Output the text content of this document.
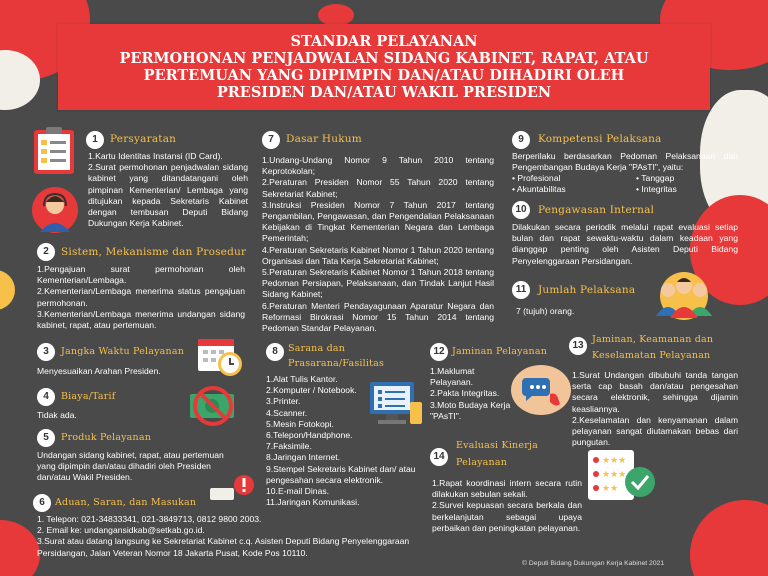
STANDAR PELAYANAN
PERMOHONAN PENJADWALAN SIDANG KABINET, RAPAT, ATAU
PERTEMUAN YANG DIPIMPIN DAN/ATAU DIHADIRI OLEH
PRESIDEN DAN/ATAU WAKIL PRESIDEN
1	Persyaratan
1.Kartu Identitas Instansi (ID Card).
2.Surat permohonan penjadwalan sidang kabinet yang ditandatangani oleh pimpinan Kementerian/ Lembaga yang ditujukan kepada Sekretaris Kabinet dengan tembusan Deputi Bidang Dukungan Kerja Kabinet.
2	Sistem, Mekanisme dan Prosedur
1.Pengajuan surat permohonan oleh Kementerian/Lembaga.
2.Kementerian/Lembaga menerima status pengajuan permohonan.
3.Kementerian/Lembaga menerima undangan sidang kabinet, rapat, atau pertemuan.
3	Jangka Waktu Pelayanan
Menyesuaikan Arahan Presiden.
4	Biaya/Tarif
Tidak ada.
5	Produk Pelayanan
Undangan sidang kabinet, rapat, atau pertemuan yang dipimpin dan/atau dihadiri oleh Presiden dan/atau Wakil Presiden.
6	Aduan, Saran, dan Masukan
1. Telepon: 021-34833341, 021-3849713, 0812 9800 2003.
2. Email ke: undangansidkab@setkab.go.id.
3.Surat atau datang langsung ke Sekretariat Kabinet c.q. Asisten Deputi Bidang Penyelenggaraan Persidangan, Jalan Veteran Nomor 18 Jakarta Pusat, Kode Pos 10110.
7	Dasar Hukum
1.Undang-Undang Nomor 9 Tahun 2010 tentang Keprotokolan;
2.Peraturan Presiden Nomor 55 Tahun 2020 tentang Sekretariat Kabinet;
3.Instruksi Presiden Nomor 7 Tahun 2017 tentang Pengambilan, Pengawasan, dan Pengendalian Pelaksanaan Kebijakan di Tingkat Kementerian Negara dan Lembaga Pemerintah;
4.Peraturan Sekretaris Kabinet Nomor 1 Tahun 2020 tentang Organisasi dan Tata Kerja Sekretariat Kabinet;
5.Peraturan Sekretaris Kabinet Nomor 1 Tahun 2018 tentang Pedoman Persiapan, Pelaksanaan, dan Tindak Lanjut Hasil Sidang Kabinet;
6.Peraturan Menteri Pendayagunaan Aparatur Negara dan Reformasi Birokrasi Nomor 15 Tahun 2014 tentang Pedoman Standar Pelayanan.
8	Sarana dan
Prasarana/Fasilitas
1.Alat Tulis Kantor.
2.Komputer / Notebook.
3.Printer.
4.Scanner.
5.Mesin Fotokopi.
6.Telepon/Handphone.
7.Faksimile.
8.Jaringan Internet.
9.Stempel Sekretaris Kabinet dan/ atau pengesahan secara elektronik.
10.E-mail Dinas.
11.Jaringan Komunikasi.
9	Kompetensi Pelaksana
Berperilaku berdasarkan Pedoman Pelaksanaan dan Pengembangan Budaya Kerja "PAsTI", yaitu:
• Profesional	• Tanggap
• Akuntabilitas	• Integritas
10	Pengawasan Internal
Dilakukan secara periodik melalui rapat evaluasi setiap bulan dan rapat sewaktu-waktu dalam keadaan yang dianggap penting oleh Asisten Deputi Bidang Penyelenggaraan Persidangan.
11	Jumlah Pelaksana
7 (tujuh) orang.
12 Jaminan Pelayanan
1.Maklumat Pelayanan.
2.Pakta Integritas.
3.Moto Budaya Kerja "PAsTI".
13
Jaminan, Keamanan dan
Keselamatan Pelayanan
1.Surat Undangan dibubuhi tanda tangan serta cap basah dan/atau pengesahan secara elektronik, sehingga dijamin keasliannya.
2.Keselamatan dan kenyamanan dalam pelayanan sangat diutamakan bebas dari pungutan.
14
Evaluasi Kinerja
Pelayanan
1.Rapat koordinasi intern secara rutin dilakukan sebulan sekali.
2.Survei kepuasan secara berkala dan berkelanjutan sebagai upaya perbaikan dan peningkatan pelayanan.
★★★
★★★
★★
© Deputi Bidang Dukungan Kerja Kabinet 2021
